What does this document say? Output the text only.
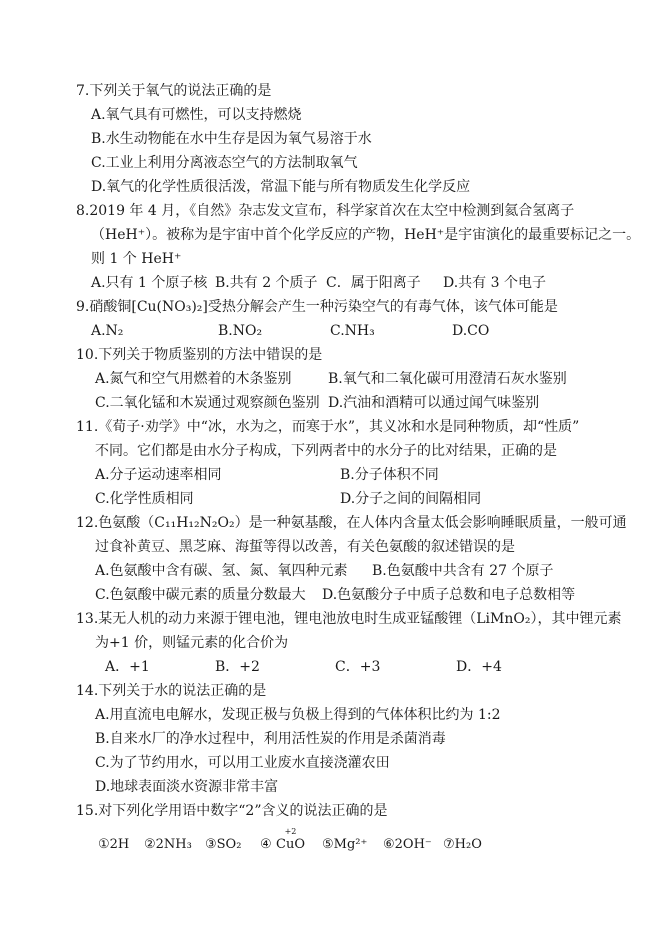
7.下列关于氧气的说法正确的是
A.氧气具有可燃性，可以支持燃烧
B.水生动物能在水中生存是因为氧气易溶于水
C.工业上利用分离液态空气的方法制取氧气
D.氧气的化学性质很活泼，常温下能与所有物质发生化学反应
8.2019 年 4 月，《自然》杂志发文宣布，科学家首次在太空中检测到氦合氢离子
（HeH⁺）。被称为是宇宙中首个化学反应的产物，HeH⁺是宇宙演化的最重要标记之一。
则 1 个 HeH⁺
A.只有 1 个原子核 B.共有 2 个质子 C．属于阳离子 D.共有 3 个电子
9.硝酸铜[Cu(NO₃)₂]受热分解会产生一种污染空气的有毒气体，该气体可能是
A.N₂	B.NO₂	C.NH₃	D.CO
10.下列关于物质鉴别的方法中错误的是
A.氮气和空气用燃着的木条鉴别	B.氧气和二氧化碳可用澄清石灰水鉴别
C.二氧化锰和木炭通过观察颜色鉴别 D.汽油和酒精可以通过闻气味鉴别
11.《荀子·劝学》中“冰，水为之，而寒于水”，其义冰和水是同种物质，却“性质”
不同。它们都是由水分子构成，下列两者中的水分子的比对结果，正确的是
A.分子运动速率相同	B.分子体积不同
C.化学性质相同	D.分子之间的间隔相同
12.色氨酸（C₁₁H₁₂N₂O₂）是一种氨基酸，在人体内含量太低会影响睡眠质量，一般可通
过食补黄豆、黑芝麻、海蜇等得以改善，有关色氨酸的叙述错误的是
A.色氨酸中含有碳、氢、氮、氧四种元素 B.色氨酸中共含有 27 个原子
C.色氨酸中碳元素的质量分数最大 D.色氨酸分子中质子总数和电子总数相等
13.某无人机的动力来源于锂电池，锂电池放电时生成亚锰酸锂（LiMnO₂），其中锂元素
为+1 价，则锰元素的化合价为
A．+1	B．+2	C．+3	D．+4
14.下列关于水的说法正确的是
A.用直流电电解水，发现正极与负极上得到的气体体积比约为 1:2
B.自来水厂的净水过程中，利用活性炭的作用是杀菌消毒
C.为了节约用水，可以用工业废水直接浇灌农田
D.地球表面淡水资源非常丰富
15.对下列化学用语中数字“2”含义的说法正确的是
①2H ②2NH₃ ③SO₂ ④
+2
CuO ⑤Mg²⁺ ⑥2OH⁻ ⑦H₂O
